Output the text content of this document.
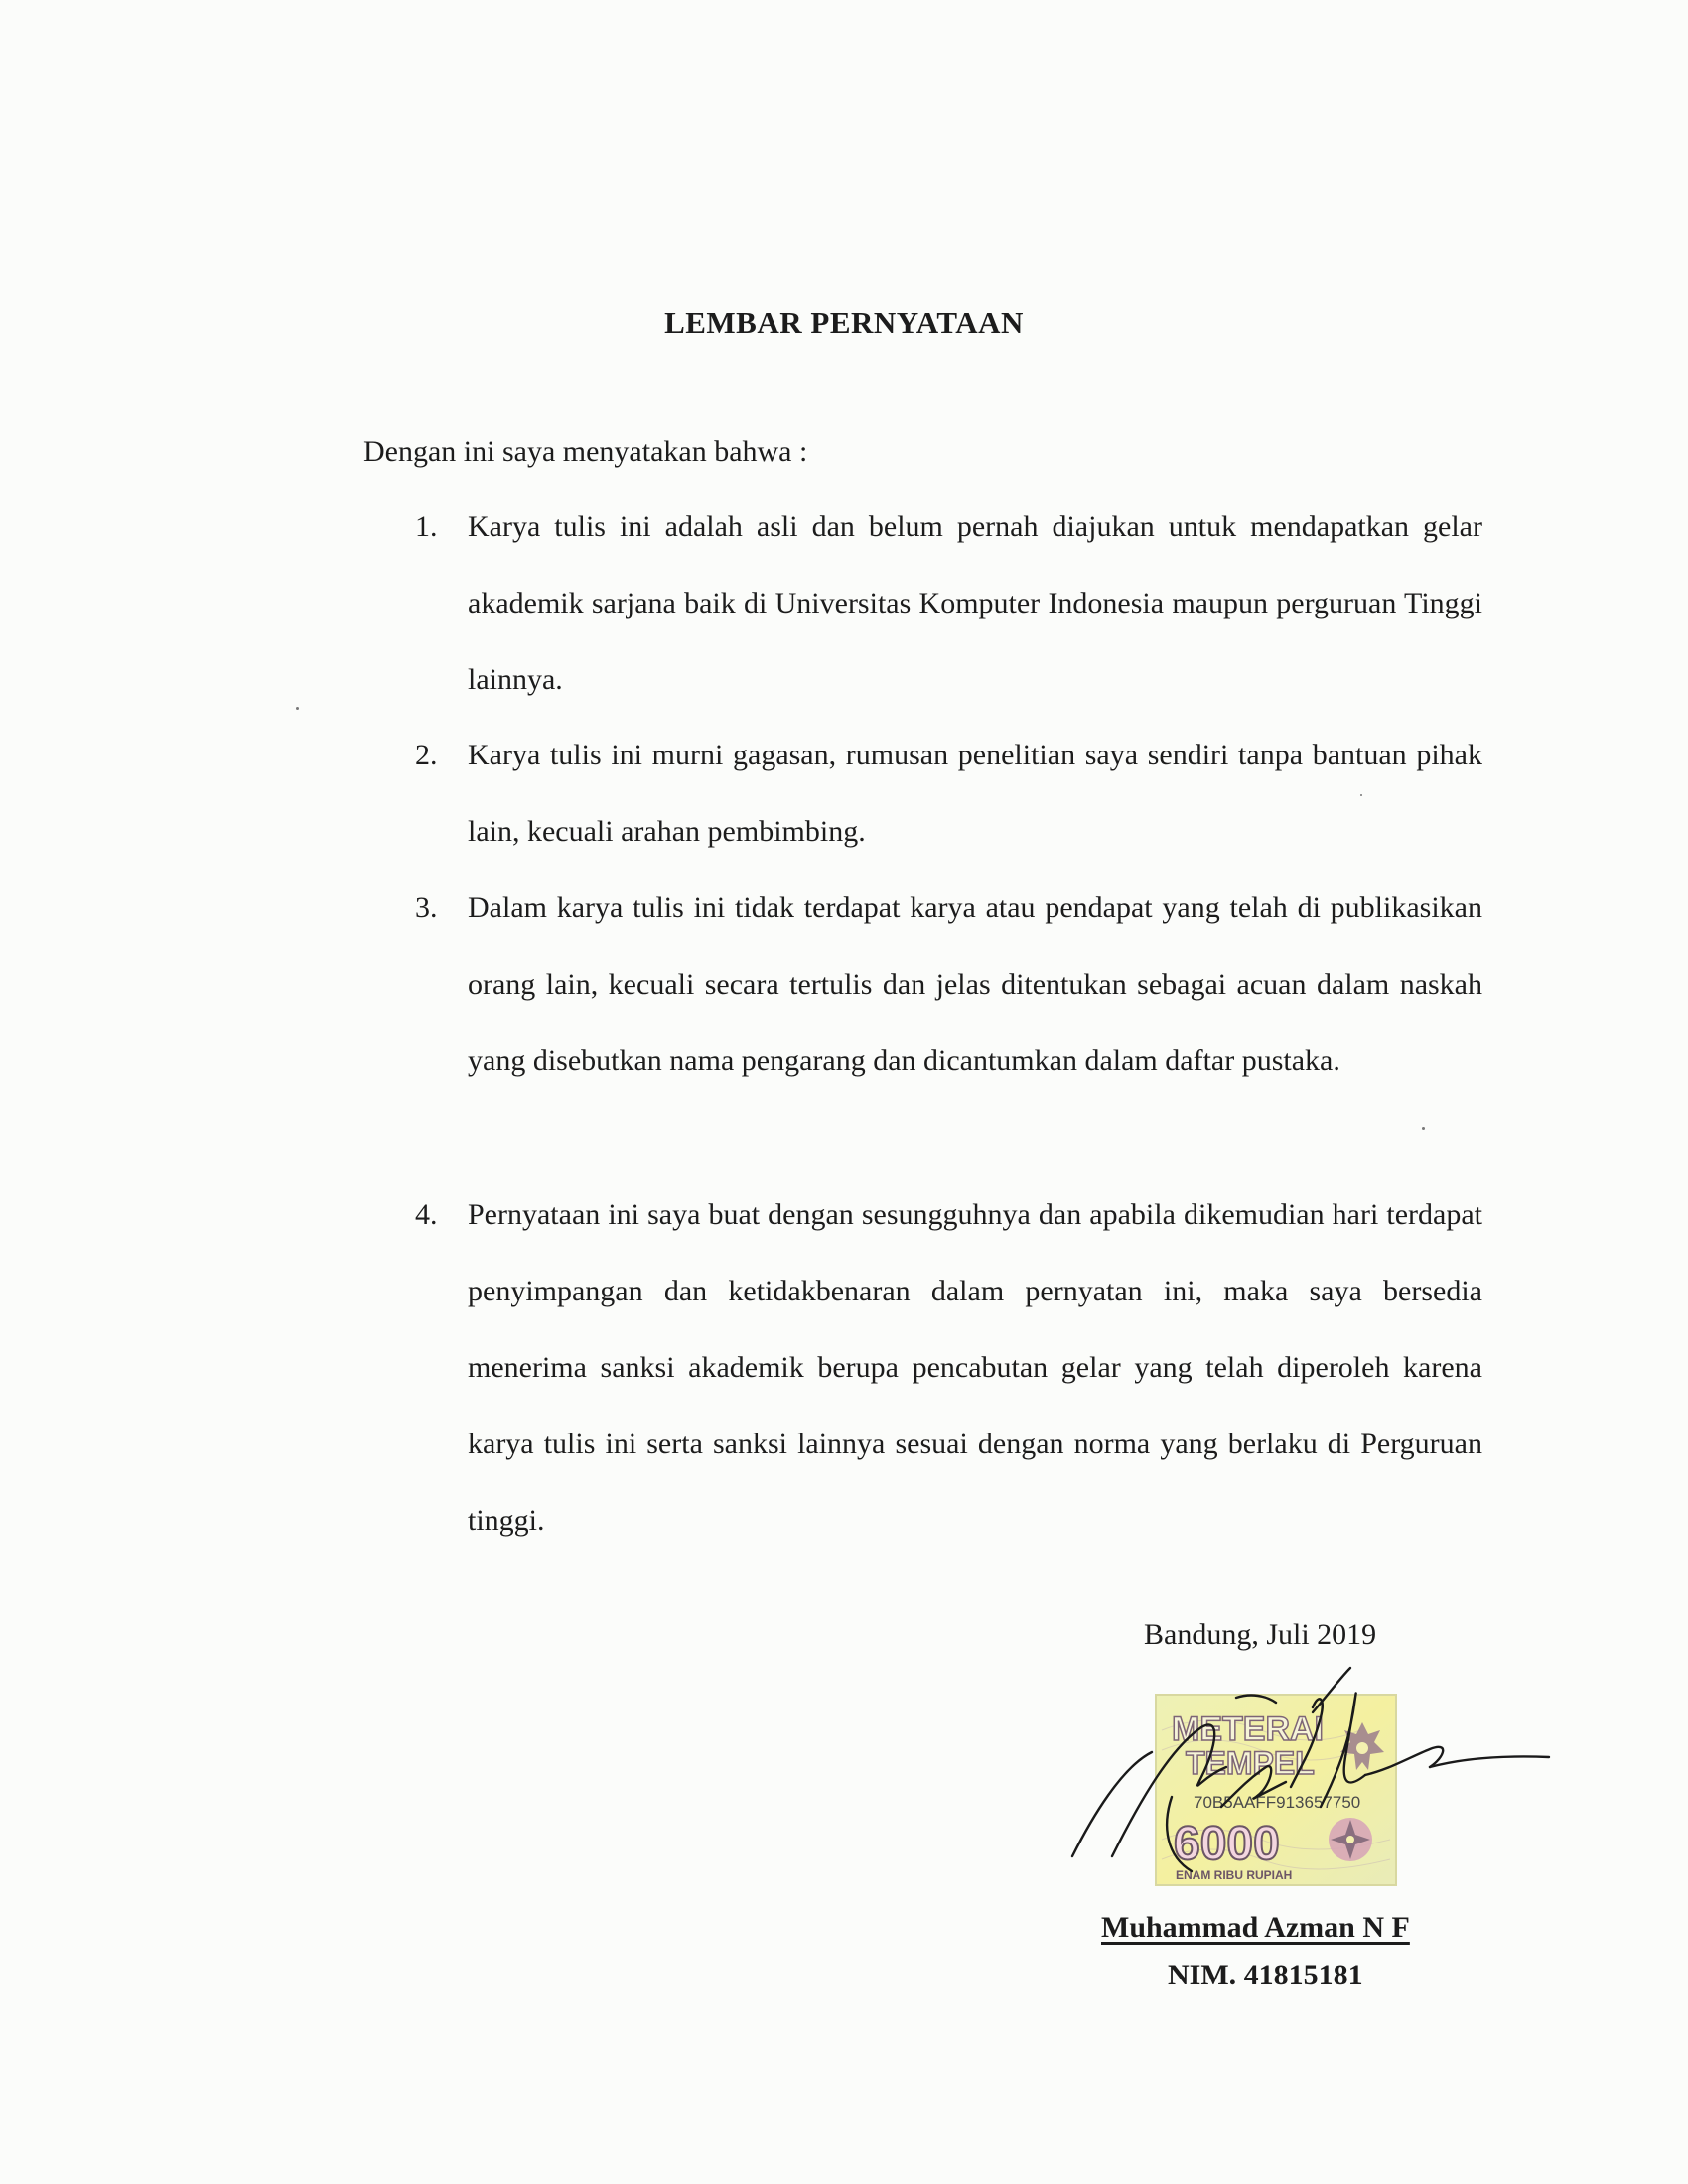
LEMBAR PERNYATAAN
Dengan ini saya menyatakan bahwa :
1. Karya tulis ini adalah asli dan belum pernah diajukan untuk mendapatkan gelar akademik sarjana baik di Universitas Komputer Indonesia maupun perguruan Tinggi lainnya.
2. Karya tulis ini murni gagasan, rumusan penelitian saya sendiri tanpa bantuan pihak lain, kecuali arahan pembimbing.
3. Dalam karya tulis ini tidak terdapat karya atau pendapat yang telah di publikasikan orang lain, kecuali secara tertulis dan jelas ditentukan sebagai acuan dalam naskah yang disebutkan nama pengarang dan dicantumkan dalam daftar pustaka.
4. Pernyataan ini saya buat dengan sesungguhnya dan apabila dikemudian hari terdapat penyimpangan dan ketidakbenaran dalam pernyatan ini, maka saya bersedia menerima sanksi akademik berupa pencabutan gelar yang telah diperoleh karena karya tulis ini serta sanksi lainnya sesuai dengan norma yang berlaku di Perguruan tinggi.
Bandung, Juli 2019
METERAI
TEMPEL
70B5AAFF913657750
6000
ENAM RIBU RUPIAH
Muhammad Azman N F
NIM. 41815181
